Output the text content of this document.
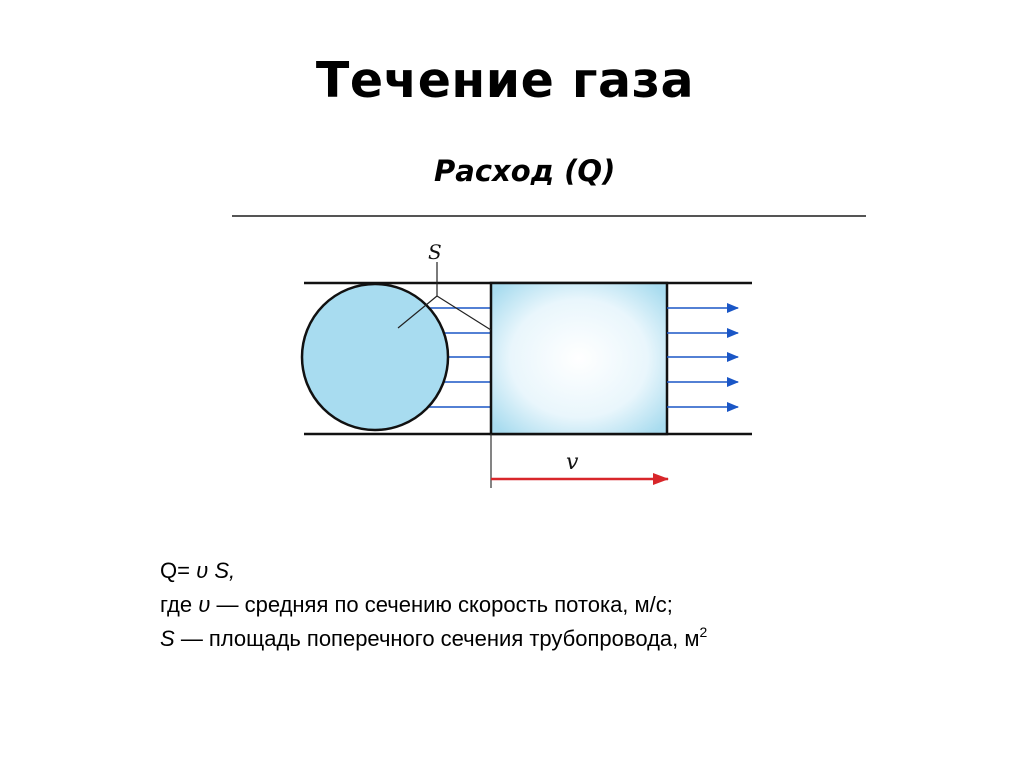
Течение газа
Расход (Q)
S
v
Q= υ S,
где υ — средняя по сечению скорость потока, м/с;
S — площадь поперечного сечения трубопровода, $м^2$
